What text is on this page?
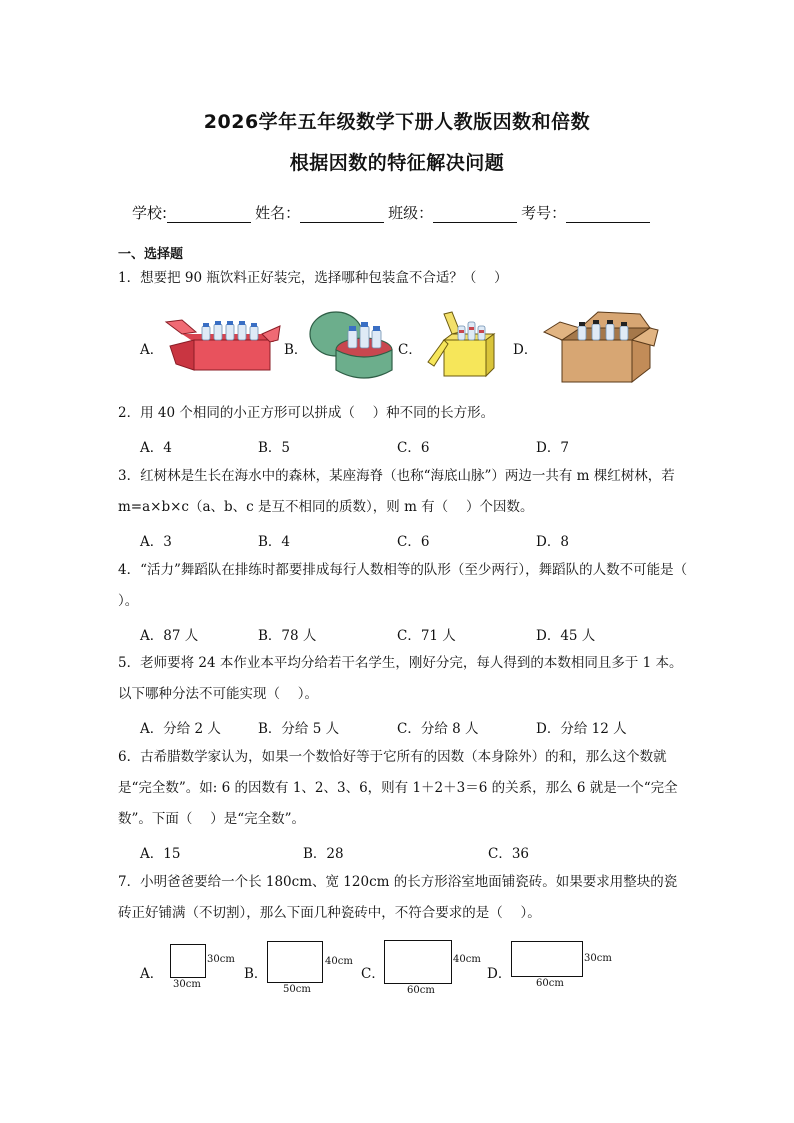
2026学年五年级数学下册人教版因数和倍数
根据因数的特征解决问题
学校:	姓名：	班级：	考号：
一、选择题
1．想要把 90 瓶饮料正好装完，选择哪种包装盒不合适？（　 ）
A．	B．	C．	D．
2．用 40 个相同的小正方形可以拼成（　 ）种不同的长方形。
A．4	B．5	C．6	D．7
3．红树林是生长在海水中的森林，某座海脊（也称“海底山脉”）两边一共有 m 棵红树林，若 m=a×b×c（a、b、c 是互不相同的质数），则 m 有（　 ）个因数。
A．3	B．4	C．6	D．8
4．“活力”舞蹈队在排练时都要排成每行人数相等的队形（至少两行），舞蹈队的人数不可能是（　 ）。
A．87 人	B．78 人	C．71 人	D．45 人
5．老师要将 24 本作业本平均分给若干名学生，刚好分完，每人得到的本数相同且多于 1 本。以下哪种分法不可能实现（　 ）。
A．分给 2 人	B．分给 5 人	C．分给 8 人	D．分给 12 人
6．古希腊数学家认为，如果一个数恰好等于它所有的因数（本身除外）的和，那么这个数就是“完全数”。如: 6 的因数有 1、2、3、6，则有 1＋2＋3＝6 的关系，那么 6 就是一个“完全数”。下面（　 ）是“完全数”。
A．15	B．28	C．36
7．小明爸爸要给一个长 180cm、宽 120cm 的长方形浴室地面铺瓷砖。如果要求用整块的瓷砖正好铺满（不切割），那么下面几种瓷砖中，不符合要求的是（　 ）。
A．
30cm
30cm
B．
40cm
50cm
C．
40cm
60cm
D．
30cm
60cm
